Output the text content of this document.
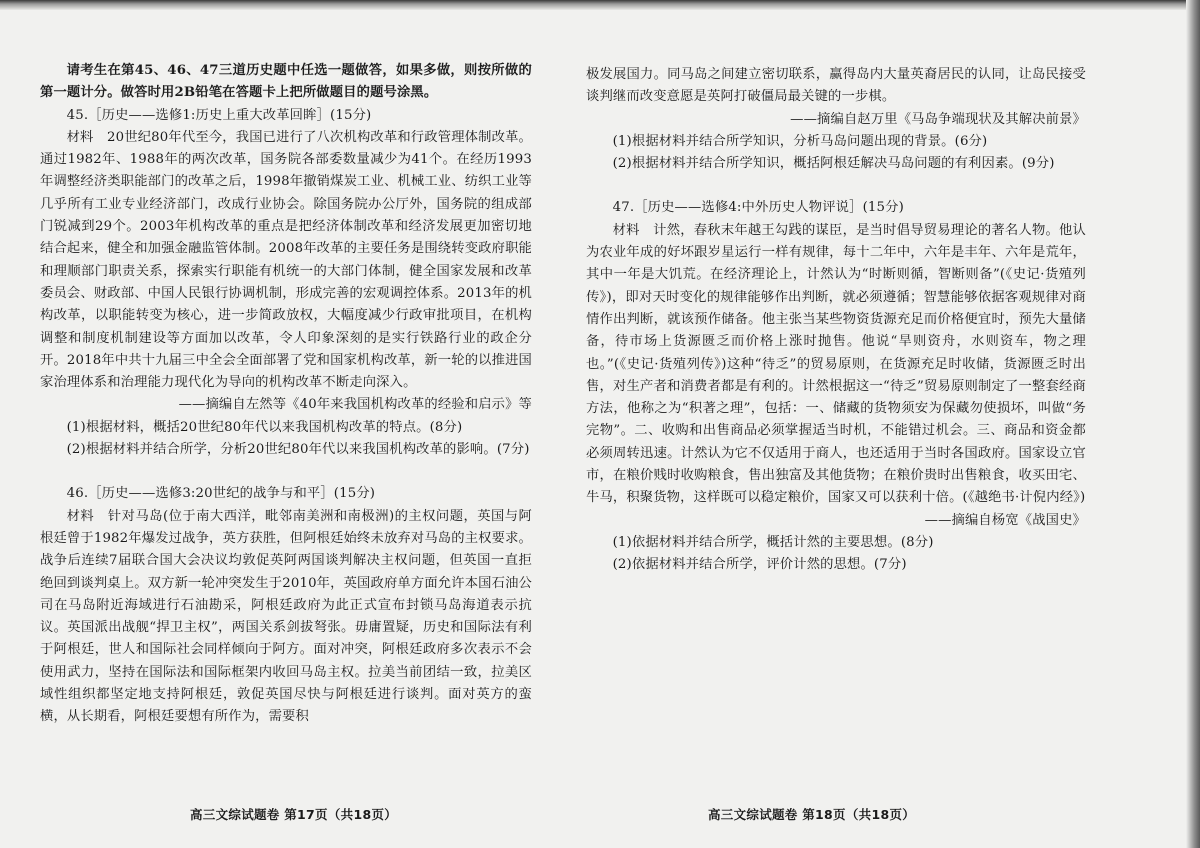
请考生在第45、46、47三道历史题中任选一题做答，如果多做，则按所做的第一题计分。做答时用2B铅笔在答题卡上把所做题目的题号涂黑。

45.［历史——选修1:历史上重大改革回眸］(15分)

材料　20世纪80年代至今，我国已进行了八次机构改革和行政管理体制改革。通过1982年、1988年的两次改革，国务院各部委数量减少为41个。在经历1993年调整经济类职能部门的改革之后，1998年撤销煤炭工业、机械工业、纺织工业等几乎所有工业专业经济部门，改成行业协会。除国务院办公厅外，国务院的组成部门锐减到29个。2003年机构改革的重点是把经济体制改革和经济发展更加密切地结合起来，健全和加强金融监管体制。2008年改革的主要任务是围绕转变政府职能和理顺部门职责关系，探索实行职能有机统一的大部门体制，健全国家发展和改革委员会、财政部、中国人民银行协调机制，形成完善的宏观调控体系。2013年的机构改革，以职能转变为核心，进一步简政放权，大幅度减少行政审批项目，在机构调整和制度机制建设等方面加以改革，令人印象深刻的是实行铁路行业的政企分开。2018年中共十九届三中全会全面部署了党和国家机构改革，新一轮的以推进国家治理体系和治理能力现代化为导向的机构改革不断走向深入。

——摘编自左然等《40年来我国机构改革的经验和启示》等

(1)根据材料，概括20世纪80年代以来我国机构改革的特点。(8分)

(2)根据材料并结合所学，分析20世纪80年代以来我国机构改革的影响。(7分)

46.［历史——选修3:20世纪的战争与和平］(15分)

材料　针对马岛(位于南大西洋，毗邻南美洲和南极洲)的主权问题，英国与阿根廷曾于1982年爆发过战争，英方获胜，但阿根廷始终未放弃对马岛的主权要求。战争后连续7届联合国大会决议均敦促英阿两国谈判解决主权问题，但英国一直拒绝回到谈判桌上。双方新一轮冲突发生于2010年，英国政府单方面允许本国石油公司在马岛附近海域进行石油勘采，阿根廷政府为此正式宣布封锁马岛海道表示抗议。英国派出战舰“捍卫主权”，两国关系剑拔弩张。毋庸置疑，历史和国际法有利于阿根廷，世人和国际社会同样倾向于阿方。面对冲突，阿根廷政府多次表示不会使用武力，坚持在国际法和国际框架内收回马岛主权。拉美当前团结一致，拉美区域性组织都坚定地支持阿根廷，敦促英国尽快与阿根廷进行谈判。面对英方的蛮横，从长期看，阿根廷要想有所作为，需要积

高三文综试题卷 第17页（共18页）

极发展国力。同马岛之间建立密切联系，赢得岛内大量英裔居民的认同，让岛民接受谈判继而改变意愿是英阿打破僵局最关键的一步棋。

——摘编自赵万里《马岛争端现状及其解决前景》

(1)根据材料并结合所学知识，分析马岛问题出现的背景。(6分)

(2)根据材料并结合所学知识，概括阿根廷解决马岛问题的有利因素。(9分)

47.［历史——选修4:中外历史人物评说］(15分)

材料　计然，春秋末年越王勾践的谋臣，是当时倡导贸易理论的著名人物。他认为农业年成的好坏跟岁星运行一样有规律，每十二年中，六年是丰年、六年是荒年，其中一年是大饥荒。在经济理论上，计然认为“时断则循，智断则备”(《史记·货殖列传》)，即对天时变化的规律能够作出判断，就必须遵循；智慧能够依据客观规律对商情作出判断，就该预作储备。他主张当某些物资货源充足而价格便宜时，预先大量储备，待市场上货源匮乏而价格上涨时抛售。他说“旱则资舟，水则资车，物之理也。”(《史记·货殖列传》)这种“待乏”的贸易原则，在货源充足时收储，货源匮乏时出售，对生产者和消费者都是有利的。计然根据这一“待乏”贸易原则制定了一整套经商方法，他称之为“积著之理”，包括：一、储藏的货物须安为保藏勿使损坏，叫做“务完物”。二、收购和出售商品必须掌握适当时机，不能错过机会。三、商品和资金都必须周转迅速。计然认为它不仅适用于商人，也还适用于当时各国政府。国家设立官市，在粮价贱时收购粮食，售出独富及其他货物；在粮价贵时出售粮食，收买田宅、牛马，积聚货物，这样既可以稳定粮价，国家又可以获利十倍。(《越绝书·计倪内经》)

——摘编自杨宽《战国史》

(1)依据材料并结合所学，概括计然的主要思想。(8分)

(2)依据材料并结合所学，评价计然的思想。(7分)

高三文综试题卷 第18页（共18页）
